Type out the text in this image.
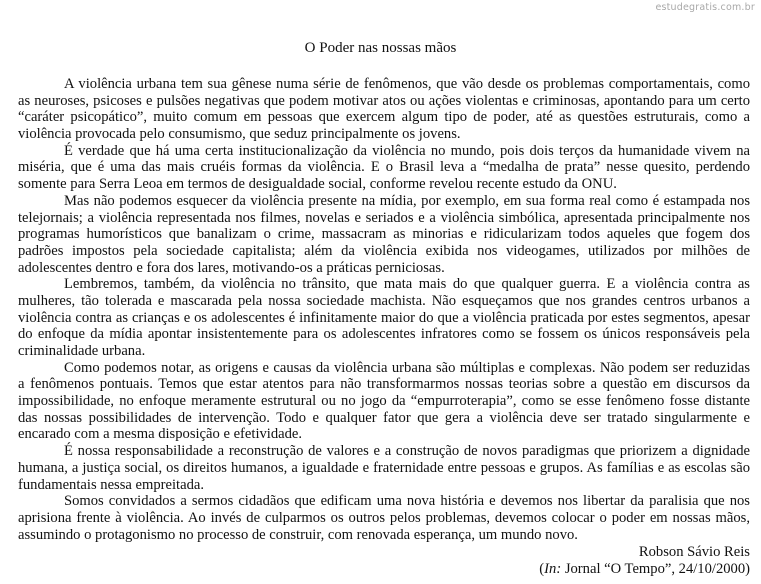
estudegratis.com.br
O Poder nas nossas mãos
A violência urbana tem sua gênese numa série de fenômenos, que vão desde os problemas comportamentais, como
as neuroses, psicoses e pulsões negativas que podem motivar atos ou ações violentas e criminosas, apontando para um certo
“caráter psicopático”, muito comum em pessoas que exercem algum tipo de poder, até as questões estruturais, como a
violência provocada pelo consumismo, que seduz principalmente os jovens.
É verdade que há uma certa institucionalização da violência no mundo, pois dois terços da humanidade vivem na
miséria, que é uma das mais cruéis formas da violência. E o Brasil leva a “medalha de prata” nesse quesito, perdendo
somente para Serra Leoa em termos de desigualdade social, conforme revelou recente estudo da ONU.
Mas não podemos esquecer da violência presente na mídia, por exemplo, em sua forma real como é estampada nos
telejornais; a violência representada nos filmes, novelas e seriados e a violência simbólica, apresentada principalmente nos
programas humorísticos que banalizam o crime, massacram as minorias e ridicularizam todos aqueles que fogem dos
padrões impostos pela sociedade capitalista; além da violência exibida nos videogames, utilizados por milhões de
adolescentes dentro e fora dos lares, motivando-os a práticas perniciosas.
Lembremos, também, da violência no trânsito, que mata mais do que qualquer guerra. E a violência contra as
mulheres, tão tolerada e mascarada pela nossa sociedade machista. Não esqueçamos que nos grandes centros urbanos a
violência contra as crianças e os adolescentes é infinitamente maior do que a violência praticada por estes segmentos, apesar
do enfoque da mídia apontar insistentemente para os adolescentes infratores como se fossem os únicos responsáveis pela
criminalidade urbana.
Como podemos notar, as origens e causas da violência urbana são múltiplas e complexas. Não podem ser reduzidas
a fenômenos pontuais. Temos que estar atentos para não transformarmos nossas teorias sobre a questão em discursos da
impossibilidade, no enfoque meramente estrutural ou no jogo da “empurroterapia”, como se esse fenômeno fosse distante
das nossas possibilidades de intervenção. Todo e qualquer fator que gera a violência deve ser tratado singularmente e
encarado com a mesma disposição e efetividade.
É nossa responsabilidade a reconstrução de valores e a construção de novos paradigmas que priorizem a dignidade
humana, a justiça social, os direitos humanos, a igualdade e fraternidade entre pessoas e grupos. As famílias e as escolas são
fundamentais nessa empreitada.
Somos convidados a sermos cidadãos que edificam uma nova história e devemos nos libertar da paralisia que nos
aprisiona frente à violência. Ao invés de culparmos os outros pelos problemas, devemos colocar o poder em nossas mãos,
assumindo o protagonismo no processo de construir, com renovada esperança, um mundo novo.
Robson Sávio Reis
(In: Jornal “O Tempo”, 24/10/2000)
